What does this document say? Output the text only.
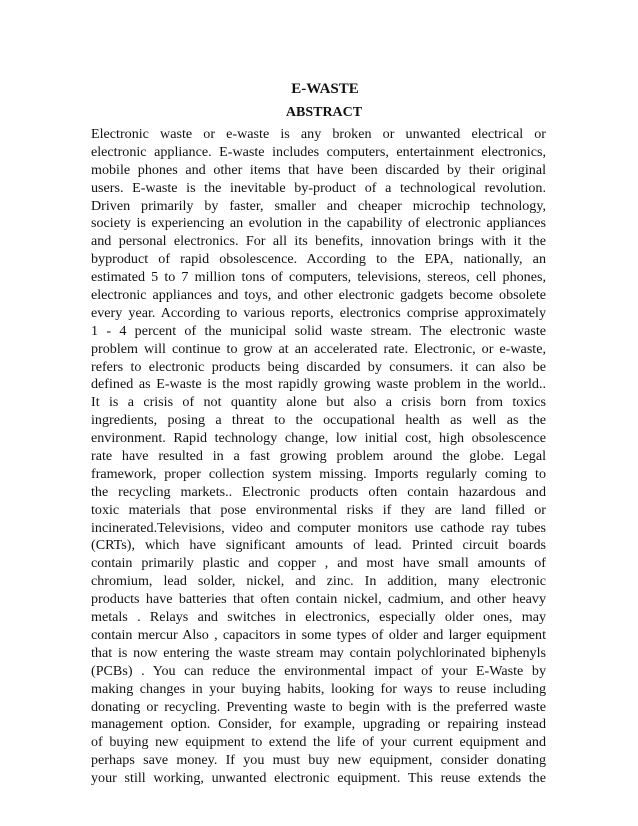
E-WASTE
ABSTRACT
Electronic waste or e-waste is any broken or unwanted electrical or
electronic appliance. E-waste includes computers, entertainment electronics,
mobile phones and other items that have been discarded by their original
users. E-waste is the inevitable by-product of a technological revolution.
Driven primarily by faster, smaller and cheaper microchip technology,
society is experiencing an evolution in the capability of electronic appliances
and personal electronics. For all its benefits, innovation brings with it the
byproduct of rapid obsolescence. According to the EPA, nationally, an
estimated 5 to 7 million tons of computers, televisions, stereos, cell phones,
electronic appliances and toys, and other electronic gadgets become obsolete
every year. According to various reports, electronics comprise approximately
1 - 4 percent of the municipal solid waste stream. The electronic waste
problem will continue to grow at an accelerated rate. Electronic, or e-waste,
refers to electronic products being discarded by consumers. it can also be
defined as E-waste is the most rapidly growing waste problem in the world..
It is a crisis of not quantity alone but also a crisis born from toxics
ingredients, posing a threat to the occupational health as well as the
environment. Rapid technology change, low initial cost, high obsolescence
rate have resulted in a fast growing problem around the globe. Legal
framework, proper collection system missing. Imports regularly coming to
the recycling markets.. Electronic products often contain hazardous and
toxic materials that pose environmental risks if they are land filled or
incinerated.Televisions, video and computer monitors use cathode ray tubes
(CRTs), which have significant amounts of lead. Printed circuit boards
contain primarily plastic and copper , and most have small amounts of
chromium, lead solder, nickel, and zinc. In addition, many electronic
products have batteries that often contain nickel, cadmium, and other heavy
metals . Relays and switches in electronics, especially older ones, may
contain mercur Also , capacitors in some types of older and larger equipment
that is now entering the waste stream may contain polychlorinated biphenyls
(PCBs) . You can reduce the environmental impact of your E-Waste by
making changes in your buying habits, looking for ways to reuse including
donating or recycling. Preventing waste to begin with is the preferred waste
management option. Consider, for example, upgrading or repairing instead
of buying new equipment to extend the life of your current equipment and
perhaps save money. If you must buy new equipment, consider donating
your still working, unwanted electronic equipment. This reuse extends the
